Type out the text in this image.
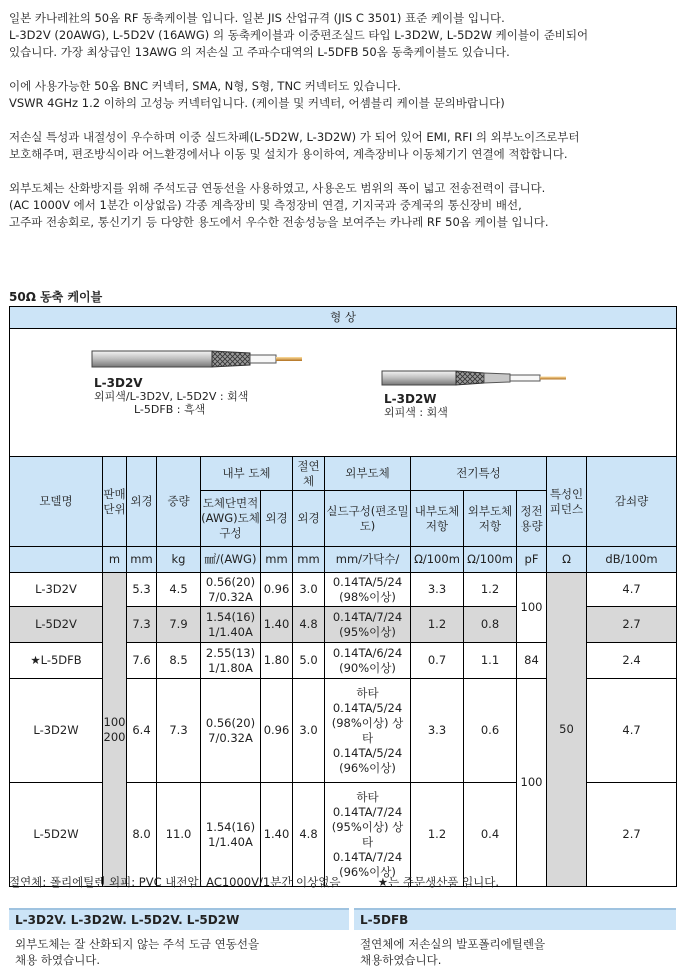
일본 카나레社의 50옴 RF 동축케이블 입니다. 일본 JIS 산업규격 (JIS C 3501) 표준 케이블 입니다.
L-3D2V (20AWG), L-5D2V (16AWG) 의 동축케이블과 이중편조실드 타입 L-3D2W, L-5D2W 케이블이 준비되어
있습니다. 가장 최상급인 13AWG 의 저손실 고 주파수대역의 L-5DFB 50옴 동축케이블도 있습니다.

이에 사용가능한 50옴 BNC 커넥터, SMA, N형, S형, TNC 커넥터도 있습니다.
VSWR 4GHz 1.2 이하의 고성능 커넥터입니다. (케이블 및 커넥터, 어셈블리 케이블 문의바랍니다)

저손실 특성과 내절성이 우수하며 이중 실드차폐(L-5D2W, L-3D2W) 가 되어 있어 EMI, RFI 의 외부노이즈로부터
보호해주며, 편조방식이라 어느환경에서나 이동 및 설치가 용이하여, 계측장비나 이동체기기 연결에 적합합니다.

외부도체는 산화방지를 위해 주석도금 연동선을 사용하였고, 사용온도 범위의 폭이 넓고 전송전력이 큽니다.
(AC 1000V 에서 1분간 이상없음) 각종 계측장비 및 측정장비 연결, 기지국과 중계국의 통신장비 배선,
고주파 전송회로, 통신기기 등 다양한 용도에서 우수한 전송성능을 보여주는 카나레 RF 50옴 케이블 입니다.

50Ω 동축 케이블
형 상												

L-3D2V
외피색/L-3D2V, L-5D2V : 회색
L-5DFB : 흑색
L-3D2W
외피색 : 회색												

모델명	판매단위	외경	중량	내부 도체		절연체	외부도체	전기특성			특성인피던스	감쇠량
				도체단면적(AWG)도체구성	외경	외경	실드구성(편조밀도)	내부도체저항	외부도체저항	정전용량		
	m	mm	kg	㎟/(AWG)	mm	mm	mm/가닥수/	Ω/100m	Ω/100m	pF	Ω	dB/100m
L-3D2V	100 200	5.3	4.5	0.56(20)
7/0.32A	0.96	3.0	0.14TA/5/24 (98%이상)	3.3	1.2	100	50	4.7
L-5D2V		7.3	7.9	1.54(16)
1/1.40A	1.40	4.8	0.14TA/7/24 (95%이상)	1.2	0.8			2.7
★L-5DFB		7.6	8.5	2.55(13)
1/1.80A	1.80	5.0	0.14TA/6/24 (90%이상)	0.7	1.1	84		2.4
L-3D2W		6.4	7.3	0.56(20)
7/0.32A	0.96	3.0	하타 0.14TA/5/24 (98%이상) 상타 0.14TA/5/24 (96%이상)	3.3	0.6	100		4.7
L-5D2W		8.0	11.0	1.54(16)
1/1.40A	1.40	4.8	하타 0.14TA/7/24 (95%이상) 상타 0.14TA/7/24 (96%이상)	1.2	0.4			2.7
절연체: 폴리에틸렌 외피: PVC 내전압: AC1000V/1분간 이상없음	★는 주문생산품 입니다.
L-3D2V. L-3D2W. L-5D2V. L-5D2W	L-5DFB
외부도체는 잘 산화되지 않는 주석 도금 연동선을
채용 하였습니다.
절연체에 저손실의 발포폴리에틸렌을
채용하였습니다.
